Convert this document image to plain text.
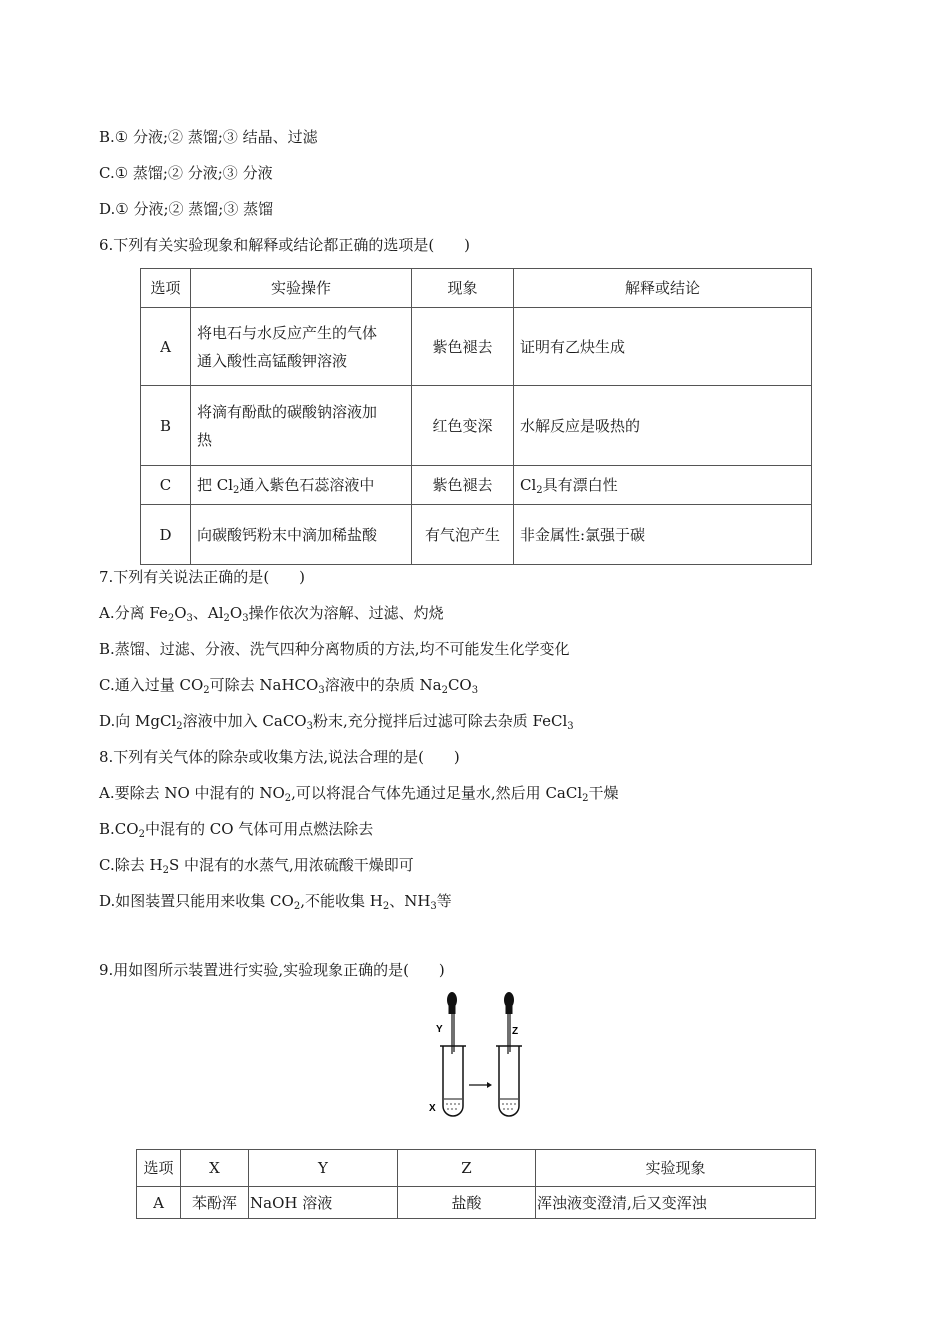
B.① 分液;② 蒸馏;③ 结晶、过滤
C.① 蒸馏;② 分液;③ 分液
D.① 分液;② 蒸馏;③ 蒸馏
6.下列有关实验现象和解释或结论都正确的选项是(　　)
选项	实验操作	现象	解释或结论
A	将电石与水反应产生的气体
通入酸性高锰酸钾溶液	紫色褪去	证明有乙炔生成
B	将滴有酚酞的碳酸钠溶液加
热	红色变深	水解反应是吸热的
C	把 $Cl_2$通入紫色石蕊溶液中	紫色褪去	$Cl_2$具有漂白性
D	向碳酸钙粉末中滴加稀盐酸	有气泡产生	非金属性:氯强于碳
7.下列有关说法正确的是(　　)
A.分离 $Fe_2O_3$、$Al_2O_3$操作依次为溶解、过滤、灼烧
B.蒸馏、过滤、分液、洗气四种分离物质的方法,均不可能发生化学变化
C.通入过量 $CO_2$可除去 NaHCO$_3$溶液中的杂质 $Na_2CO_3$
D.向 MgCl$_2$溶液中加入 CaCO$_3$粉末,充分搅拌后过滤可除去杂质 FeCl$_3$
8.下列有关气体的除杂或收集方法,说法合理的是(　　)
A.要除去 NO 中混有的 $NO_2$,可以将混合气体先通过足量水,然后用 CaCl$_2$干燥
$B.CO_2$中混有的 CO 气体可用点燃法除去
C.除去 $H_2S$ 中混有的水蒸气,用浓硫酸干燥即可
D.如图装置只能用来收集 $CO_2$,不能收集 $H_2$、$NH_3$等
9.用如图所示装置进行实验,实验现象正确的是(　　)
Y
X
Z
选项	X	Y	Z	实验现象
A	苯酚浑	NaOH 溶液	盐酸	浑浊液变澄清,后又变浑浊
